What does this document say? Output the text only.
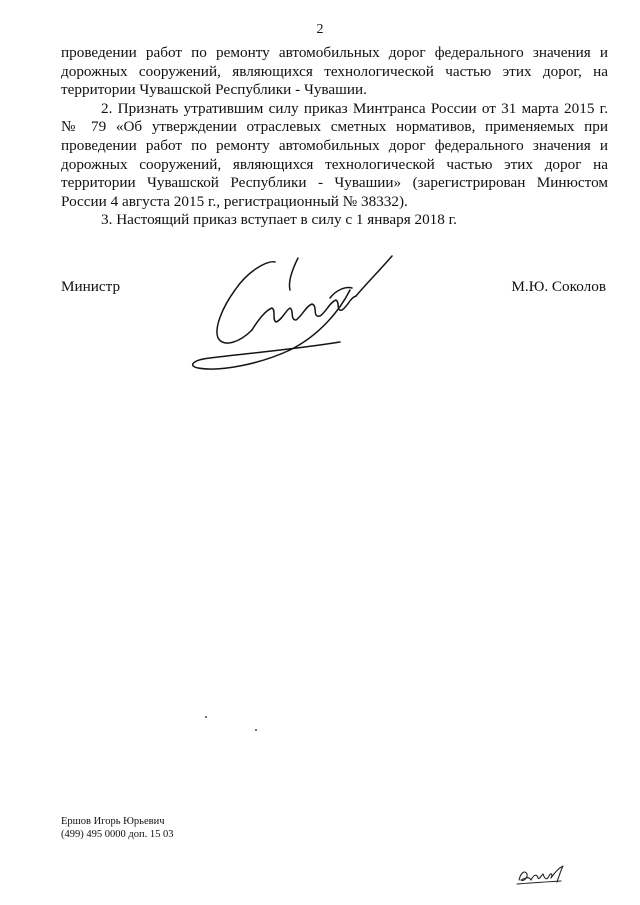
2

проведении работ по ремонту автомобильных дорог федерального значения и дорожных сооружений, являющихся технологической частью этих дорог, на территории Чувашской Республики - Чувашии.

2. Признать утратившим силу приказ Минтранса России от 31 марта 2015 г. № 79 «Об утверждении отраслевых сметных нормативов, применяемых при проведении работ по ремонту автомобильных дорог федерального значения и дорожных сооружений, являющихся технологической частью этих дорог на территории Чувашской Республики - Чувашии» (зарегистрирован Минюстом России 4 августа 2015 г., регистрационный № 38332).

3. Настоящий приказ вступает в силу с 1 января 2018 г.

Министр	М.Ю. Соколов
Ершов Игорь Юрьевич
(499) 495 0000 доп. 15 03
